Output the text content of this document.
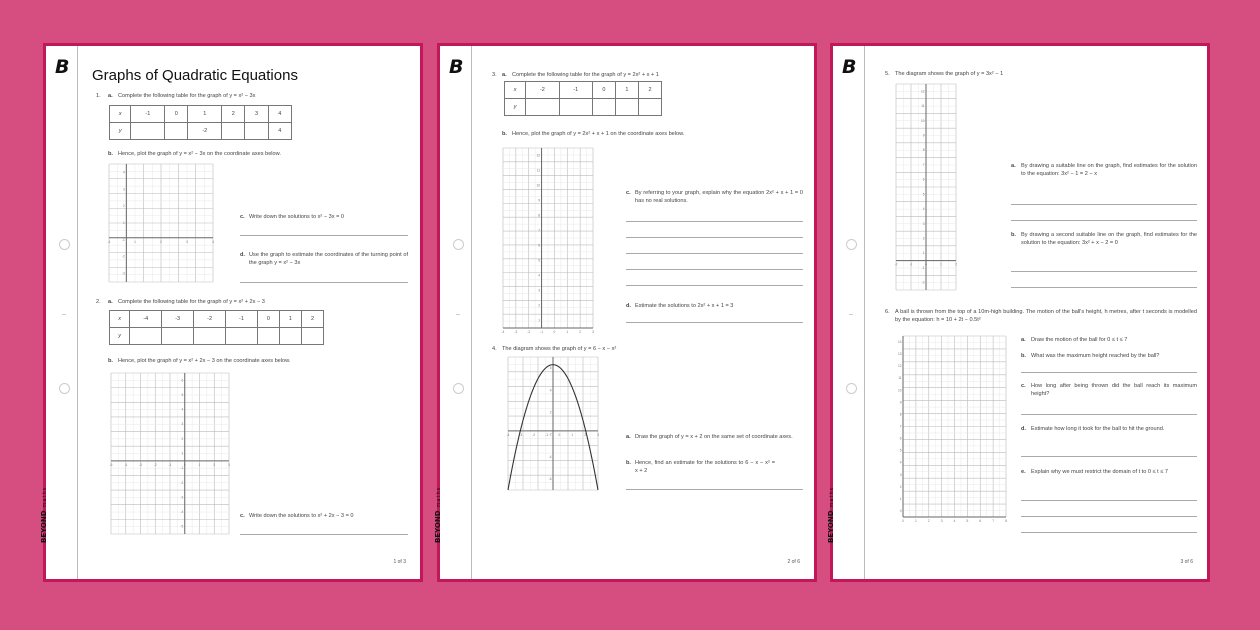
B
BEYONDmaths
Graphs of Quadratic Equations
1. a. Complete the following table for the graph of y = x² − 3x
x	-1	0	1	2	3	4
y			-2			4
b. Hence, plot the graph of y = x² − 3x on the coordinate axes below.
-1	1	2	3	4
4
3
2
1
-1
-2
-3
c. Write down the solutions to x² − 3x = 0
d. Use the graph to estimate the coordinates of the turning point of the graph y = x² − 3x
2. a. Complete the following table for the graph of y = x² + 2x − 3
x	-4	-3	-2	-1	0	1	2
y							
b. Hence, plot the graph of y = x² + 2x − 3 on the coordinate axes below.
-5	-4	-3	-2	-1	0	1	2	3
6
5
4
3
2
1
-1
-2
-3
-4
-5
c. Write down the solutions to x² + 2x − 3 = 0
1 of 3
B
BEYONDmaths
3. a. Complete the following table for the graph of y = 2x² + x + 1
x	-2	-1	0	1	2
y					
b. Hence, plot the graph of y = 2x² + x + 1 on the coordinate axes below.
-4	-3	-2	-1	0	1	2	3
12
11
10
9
8
7
6
5
4
3
2
1
c. By referring to your graph, explain why the equation 2x² + x + 1 = 0 has no real solutions.
d. Estimate the solutions to 2x² + x + 1 = 3
4. The diagram shows the graph of y = 6 − x − x²
-4	-3	-2	-1	0	1	2	3
6
4
2
-2
-4
-6
a. Draw the graph of y = x + 2 on the same set of coordinate axes.
b. Hence, find an estimate for the solutions to 6 − x − x² = x + 2
2 of 6
B
BEYONDmaths
5. The diagram shows the graph of y = 3x² − 1
-2	-1	0	1	2
12
11
10
9
8
7
6
5
4
3
2
1
-1
-2
a. By drawing a suitable line on the graph, find estimates for the solution to the equation: 3x² − 1 = 2 − x
b. By drawing a second suitable line on the graph, find estimates for the solution to the equation: 3x² + x − 2 = 0
6. A ball is thrown from the top of a 10m-high building. The motion of the ball's height, h metres, after t seconds is modelled by the equation: h = 10 + 2t − 0.5t²
0	1	2	3	4	5	6	7	8
14
13
12
11
10
9
8
7
6
5
4
3
2
1
0
a. Draw the motion of the ball for 0 ≤ t ≤ 7
b. What was the maximum height reached by the ball?
c. How long after being thrown did the ball reach its maximum height?
d. Estimate how long it took for the ball to hit the ground.
e. Explain why we must restrict the domain of t to 0 ≤ t ≤ 7
3 of 6
